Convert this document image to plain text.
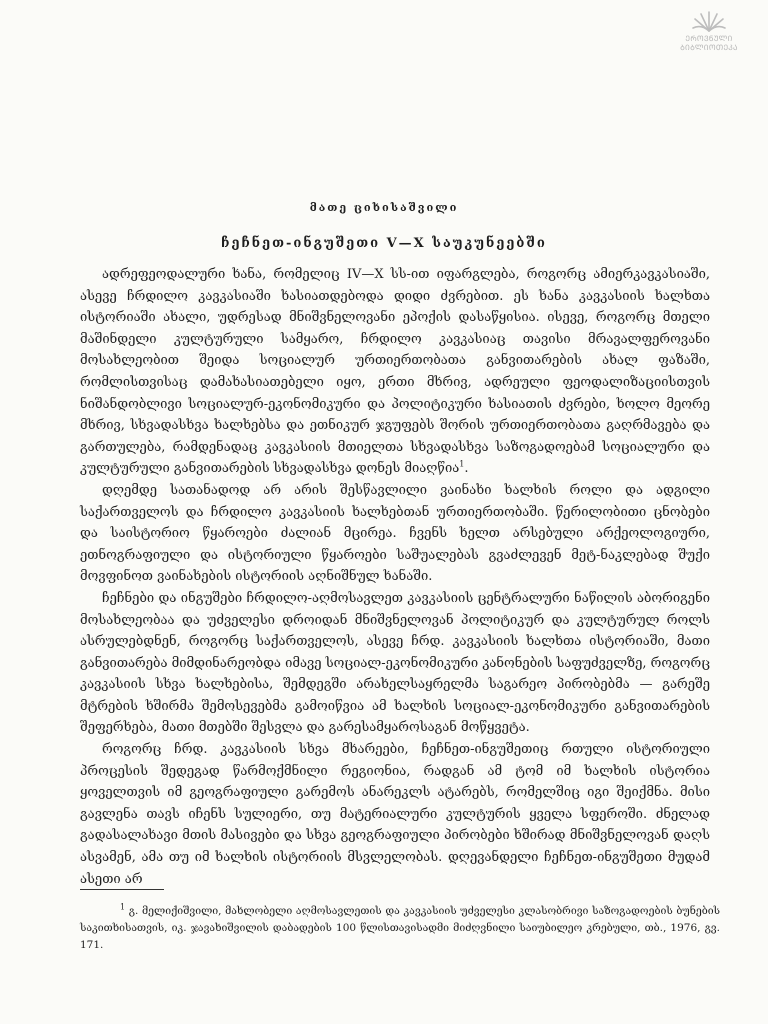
ᲔᲠᲝᲕᲜᲣᲚᲘ
ᲑᲘᲑᲚᲘᲝᲗᲔᲙᲐ
მათე ციხისაშვილი
ჩეჩნეთ-ინგუშეთი V—X საუკუნეებში

ადრეფეოდალური ხანა, რომელიც IV—X სს-ით იფარგლება, როგორც ამიერკავკასიაში, ასევე ჩრდილო კავკასიაში ხასიათდებოდა დიდი ძვრებით. ეს ხანა კავკასიის ხალხთა ისტორიაში ახალი, უდრესად მნიშვნელოვანი ეპოქის დასაწყისია. ისევე, როგორც მთელი მაშინდელი კულტურული სამყარო, ჩრდილო კავკასიაც თავისი მრავალფეროვანი მოსახლეობით შეიდა სოციალურ ურთიერთობათა განვითარების ახალ ფაზაში, რომლისთვისაც დამახასიათებელი იყო, ერთი მხრივ, ადრეული ფეოდალიზაციისთვის ნიშანდობლივი სოციალურ-ეკონომიკური და პოლიტიკური ხასიათის ძვრები, ხოლო მეორე მხრივ, სხვადასხვა ხალხებსა და ეთნიკურ ჯგუფებს შორის ურთიერთობათა გაღრმავება და გართულება, რამდენადაც კავკასიის მთიელთა სხვადასხვა საზოგადოებამ სოციალური და კულტურული განვითარების სხვადასხვა დონეს მიაღწია$^1$.

დღემდე სათანადოდ არ არის შესწავლილი ვაინახი ხალხის როლი და ადგილი საქართველოს და ჩრდილო კავკასიის ხალხებთან ურთიერთობაში. წერილობითი ცნობები და საისტორიო წყაროები ძალიან მცირეა. ჩვენს ხელთ არსებული არქეოლოგიური, ეთნოგრაფიული და ისტორიული წყაროები საშუალებას გვაძლევენ მეტ-ნაკლებად შუქი მოვფინოთ ვაინახების ისტორიის აღნიშნულ ხანაში.

ჩეჩნები და ინგუშები ჩრდილო-აღმოსავლეთ კავკასიის ცენტრალური ნაწილის აბორიგენი მოსახლეობაა და უძველესი დროიდან მნიშვნელოვან პოლიტიკურ და კულტურულ როლს ასრულებდნენ, როგორც საქართველოს, ასევე ჩრდ. კავკასიის ხალხთა ისტორიაში, მათი განვითარება მიმდინარეობდა იმავე სოციალ-ეკონომიკური კანონების საფუძველზე, როგორც კავკასიის სხვა ხალხებისა, შემდეგში არახელსაყრელმა საგარეო პირობებმა — გარეშე მტრების ხშირმა შემოსევებმა გამოიწვია ამ ხალხის სოციალ-ეკონომიკური განვითარების შეფერხება, მათი მთებში შესვლა და გარესამყაროსაგან მოწყვეტა.

როგორც ჩრდ. კავკასიის სხვა მხარეები, ჩეჩნეთ-ინგუშეთიც რთული ისტორიული პროცესის შედეგად წარმოქმნილი რეგიონია, რადგან ამ ტომ იმ ხალხის ისტორია ყოველთვის იმ გეოგრაფიული გარემოს ანარეკლს ატარებს, რომელშიც იგი შეიქმნა. მისი გავლენა თავს იჩენს სულიერი, თუ მატერიალური კულტურის ყველა სფეროში. ძნელად გადასალახავი მთის მასივები და სხვა გეოგრაფიული პირობები ხშირად მნიშვნელოვან დაღს ასვამენ, ამა თუ იმ ხალხის ისტორიის მსვლელობას. დღევანდელი ჩეჩნეთ-ინგუშეთი მუდამ ასეთი არ

$^1$ გ. მელიქიშვილი, მახლობელი აღმოსავლეთის და კავკასიის უძველესი კლასობრივი საზოგადოების ბუნების საკითხისათვის, იკ. ჯავახიშვილის დაბადების 100 წლისთავისადმი მიძღვნილი საიუბილეო კრებული, თბ., 1976, გვ. 171.
